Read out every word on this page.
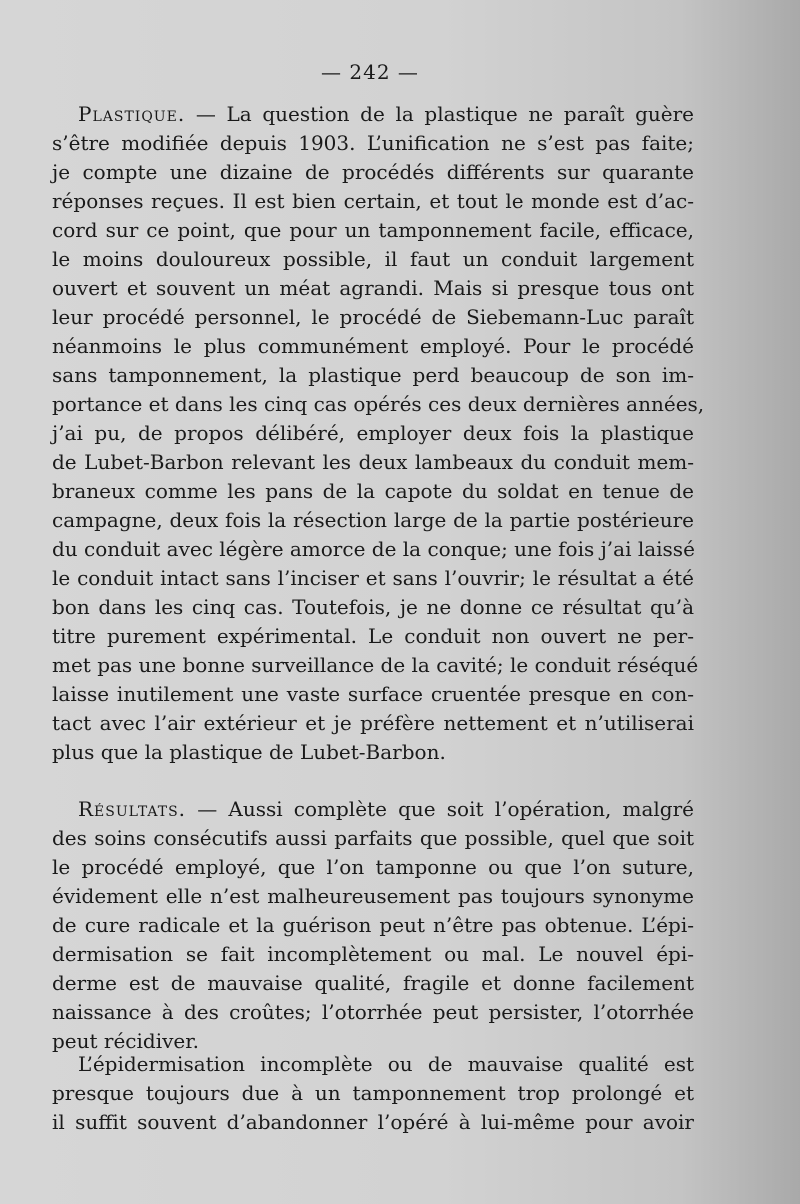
— 242 —
Plastique. — La question de la plastique ne paraît guère
s’être modifiée depuis 1903. L’unification ne s’est pas faite;
je compte une dizaine de procédés différents sur quarante
réponses reçues. Il est bien certain, et tout le monde est d’ac-
cord sur ce point, que pour un tamponnement facile, efficace,
le moins douloureux possible, il faut un conduit largement
ouvert et souvent un méat agrandi. Mais si presque tous ont
leur procédé personnel, le procédé de Siebemann-Luc paraît
néanmoins le plus communément employé. Pour le procédé
sans tamponnement, la plastique perd beaucoup de son im-
portance et dans les cinq cas opérés ces deux dernières années,
j’ai pu, de propos délibéré, employer deux fois la plastique
de Lubet-Barbon relevant les deux lambeaux du conduit mem-
braneux comme les pans de la capote du soldat en tenue de
campagne, deux fois la résection large de la partie postérieure
du conduit avec légère amorce de la conque; une fois j’ai laissé
le conduit intact sans l’inciser et sans l’ouvrir; le résultat a été
bon dans les cinq cas. Toutefois, je ne donne ce résultat qu’à
titre purement expérimental. Le conduit non ouvert ne per-
met pas une bonne surveillance de la cavité; le conduit réséqué
laisse inutilement une vaste surface cruentée presque en con-
tact avec l’air extérieur et je préfère nettement et n’utiliserai
plus que la plastique de Lubet-Barbon.
Résultats. — Aussi complète que soit l’opération, malgré
des soins consécutifs aussi parfaits que possible, quel que soit
le procédé employé, que l’on tamponne ou que l’on suture,
évidement elle n’est malheureusement pas toujours synonyme
de cure radicale et la guérison peut n’être pas obtenue. L’épi-
dermisation se fait incomplètement ou mal. Le nouvel épi-
derme est de mauvaise qualité, fragile et donne facilement
naissance à des croûtes; l’otorrhée peut persister, l’otorrhée
peut récidiver.
L’épidermisation incomplète ou de mauvaise qualité est
presque toujours due à un tamponnement trop prolongé et
il suffit souvent d’abandonner l’opéré à lui-même pour avoir
